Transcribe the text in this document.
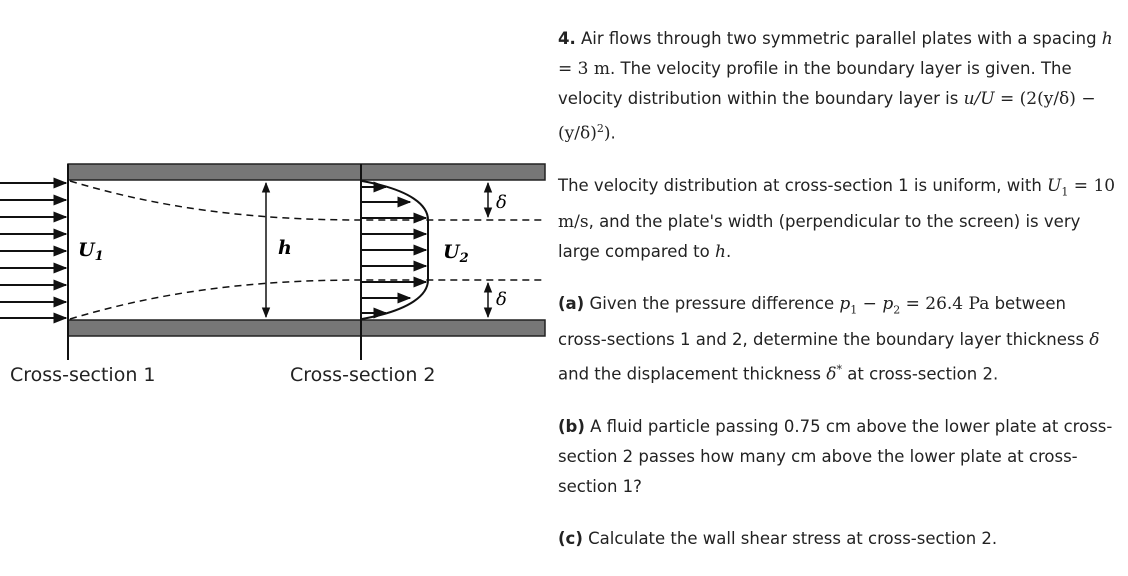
$U_1$	h	$U_2$
δ
δ
Cross-section 1	Cross-section 2

4. Air flows through two symmetric parallel plates with a spacing h = 3 m. The velocity profile in the boundary layer is given. The velocity distribution within the boundary layer is $u/U = (2(y/\delta) - (y/\delta)^2)$.

The velocity distribution at cross-section 1 is uniform, with $U_1 = 10$ m/s, and the plate's width (perpendicular to the screen) is very large compared to h.

(a) Given the pressure difference $p_1 - p_2 = 26.4$ Pa between cross-sections 1 and 2, determine the boundary layer thickness δ and the displacement thickness δ* at cross-section 2.

(b) A fluid particle passing 0.75 cm above the lower plate at cross-section 2 passes how many cm above the lower plate at cross-section 1?

(c) Calculate the wall shear stress at cross-section 2.
